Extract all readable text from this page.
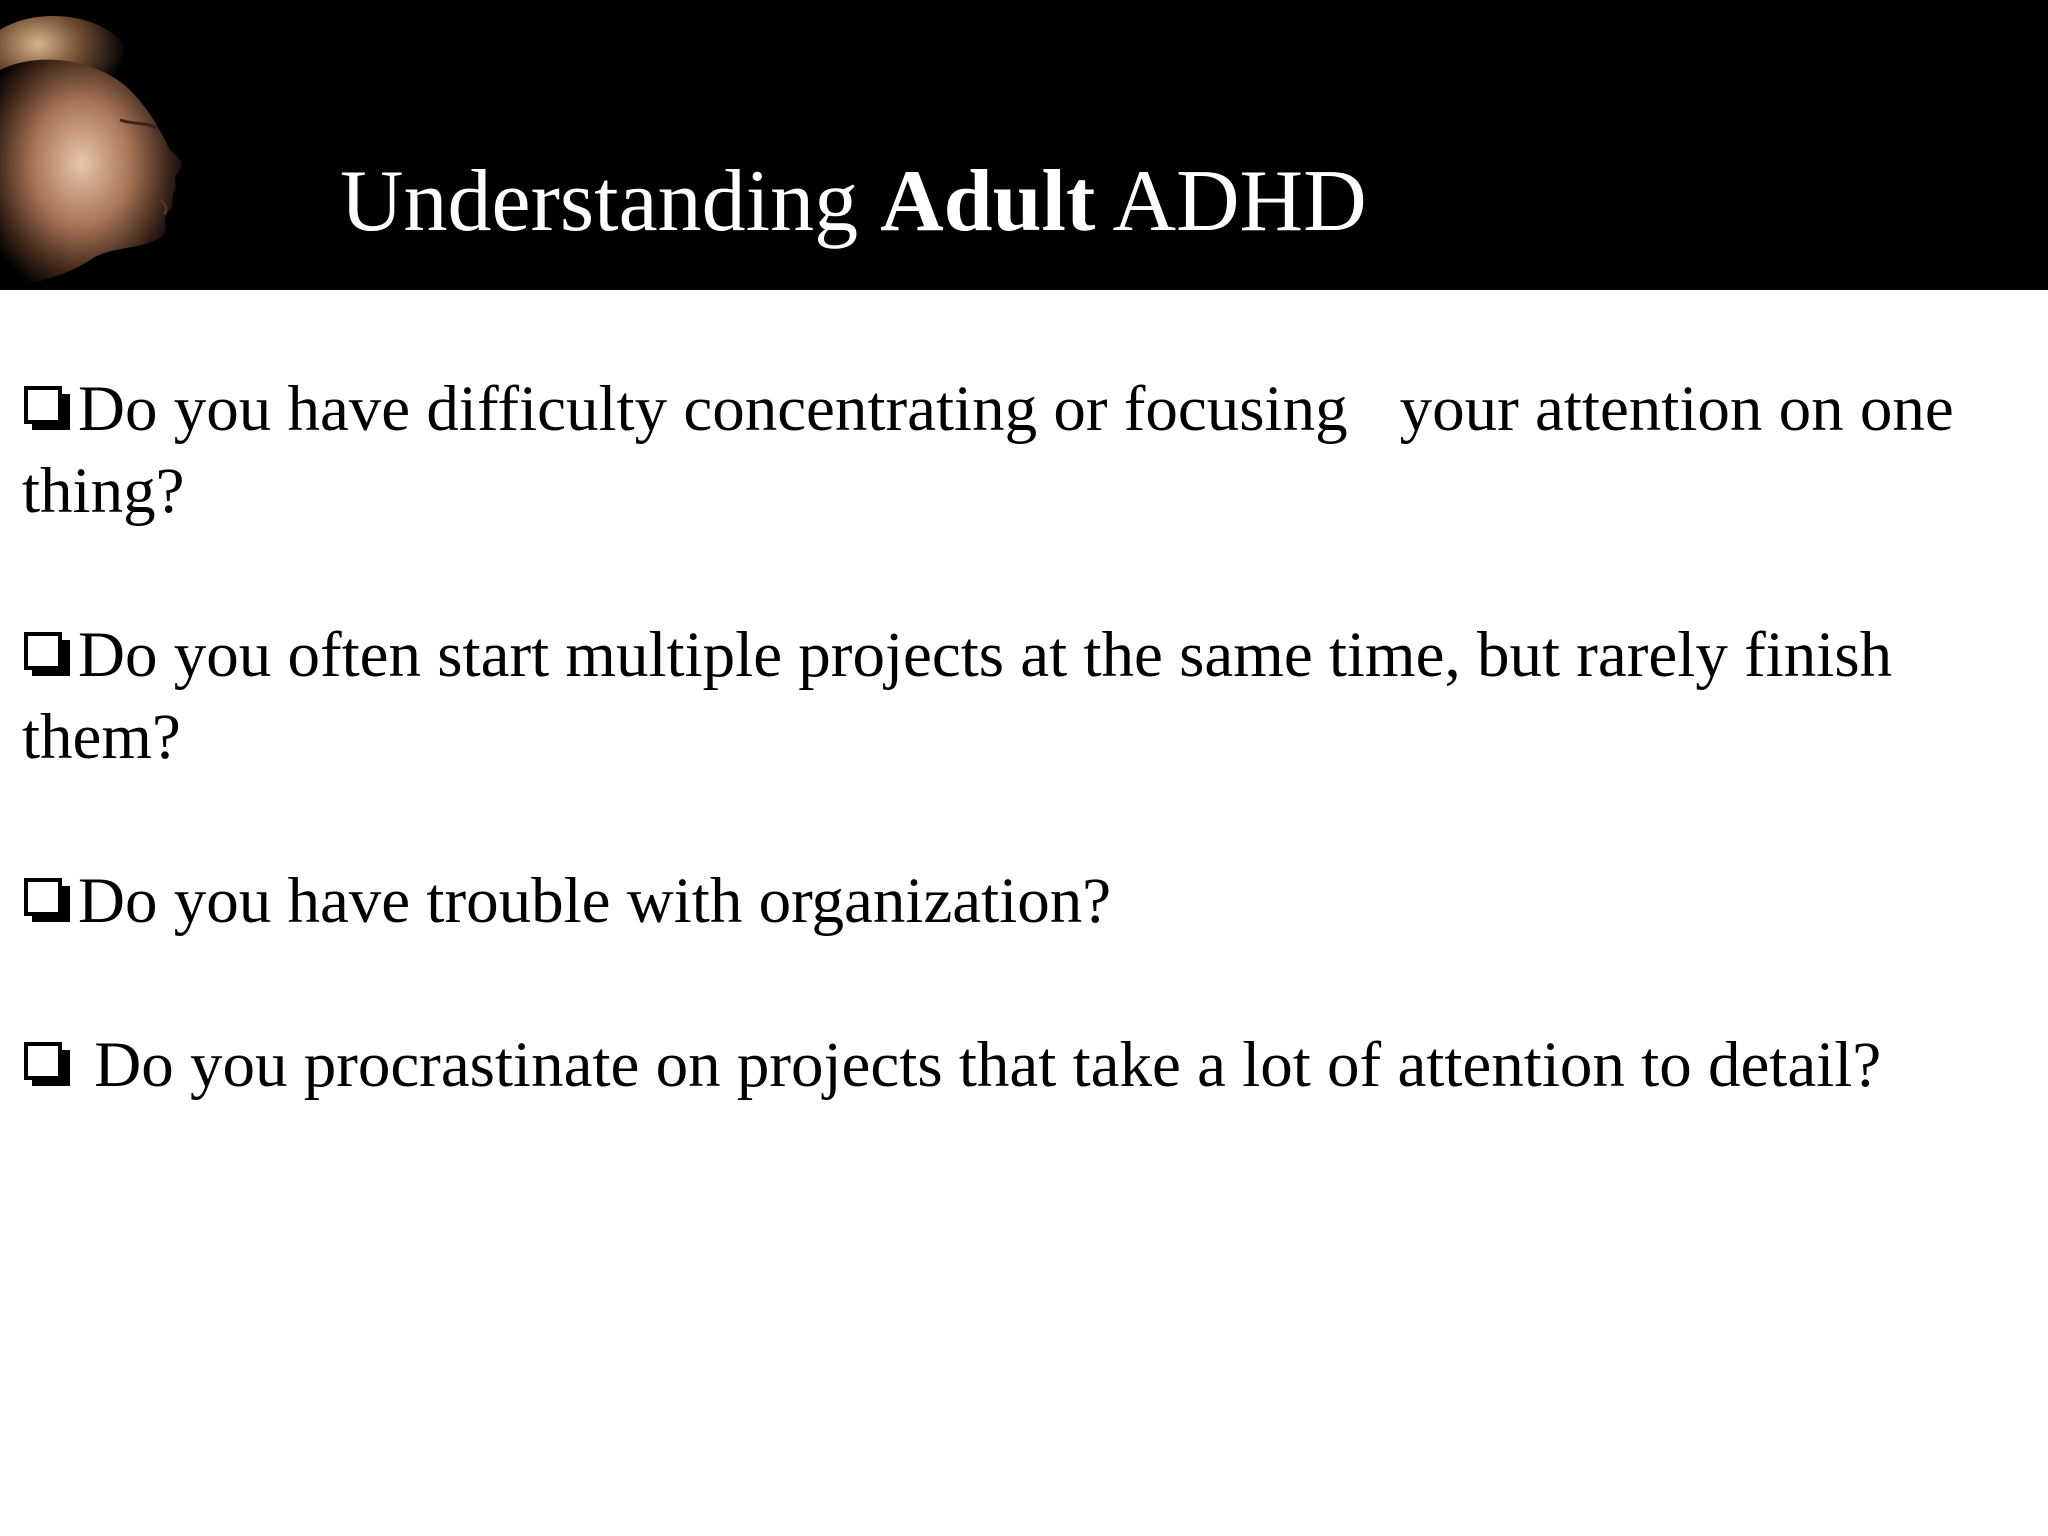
Understanding Adult ADHD
Do you have difficulty concentrating or focusing your attention on one thing?
Do you often start multiple projects at the same time, but rarely finish them?
Do you have trouble with organization?
Do you procrastinate on projects that take a lot of attention to detail?
